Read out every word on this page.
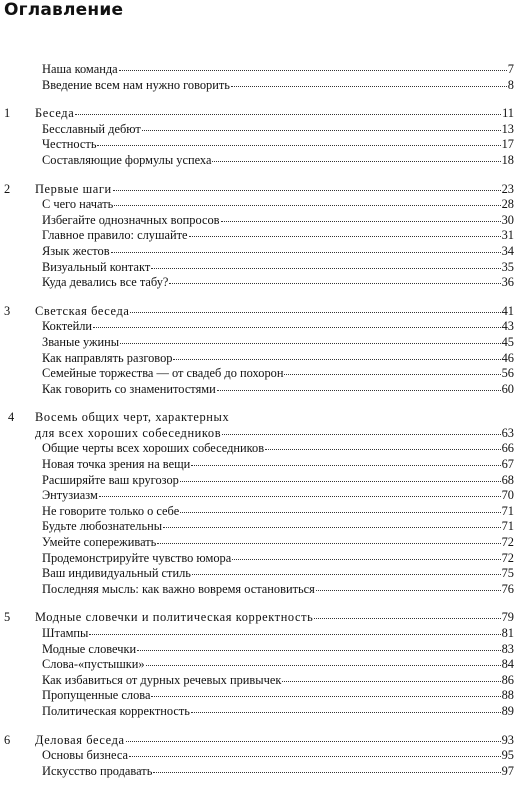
Оглавление
Наша команда	7
Введение всем нам нужно говорить	8
1 Беседа	11
Бесславный дебют	13
Честность	17
Составляющие формулы успеха	18
2 Первые шаги	23
С чего начать	28
Избегайте однозначных вопросов	30
Главное правило: слушайте	31
Язык жестов	34
Визуальный контакт	35
Куда девались все табу?	36
3 Светская беседа	41
Коктейли	43
Званые ужины	45
Как направлять разговор	46
Семейные торжества — от свадеб до похорон	56
Как говорить со знаменитостями	60
4 Восемь общих черт, характерных
для всех хороших собеседников	63
Общие черты всех хороших собеседников	66
Новая точка зрения на вещи	67
Расширяйте ваш кругозор	68
Энтузиазм	70
Не говорите только о себе	71
Будьте любознательны	71
Умейте сопереживать	72
Продемонстрируйте чувство юмора	72
Ваш индивидуальный стиль	75
Последняя мысль: как важно вовремя остановиться	76
5 Модные словечки и политическая корректность	79
Штампы	81
Модные словечки	83
Слова-«пустышки»	84
Как избавиться от дурных речевых привычек	86
Пропущенные слова	88
Политическая корректность	89
6 Деловая беседа	93
Основы бизнеса	95
Искусство продавать	97
